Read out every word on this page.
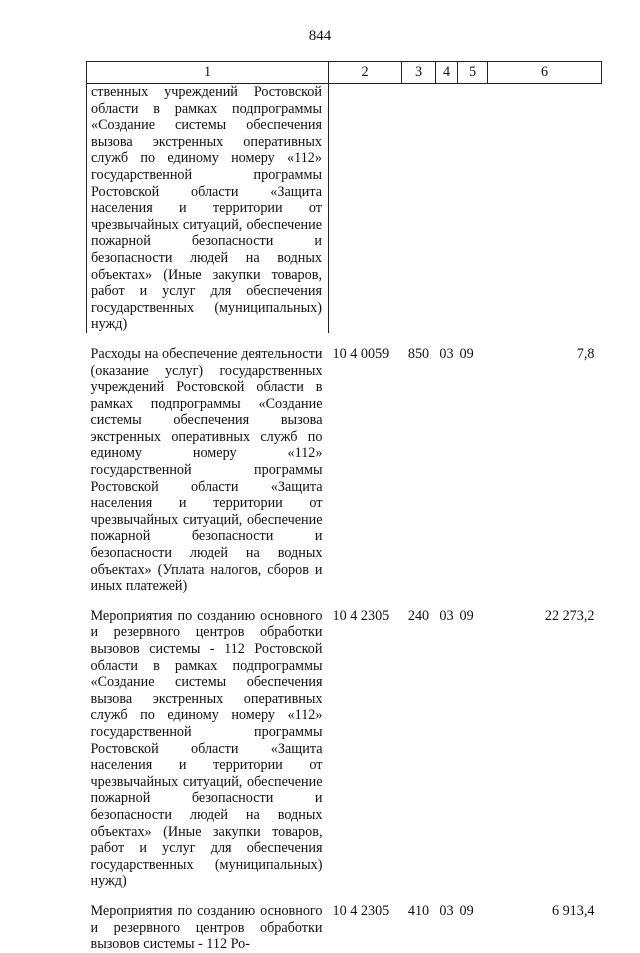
844
1	2	3	4	5	6

ственных учреждений Ростовской области в рамках подпрограммы «Создание системы обеспечения вызова экстренных оперативных служб по единому номеру «112» государственной программы Ростовской области «Защита населения и территории от чрезвычайных ситуаций, обеспечение пожарной безопасности и безопасности людей на водных объектах» (Иные закупки товаров, работ и услуг для обеспечения государственных (муниципальных) нужд)					

Расходы на обеспечение деятельности (оказание услуг) государственных учреждений Ростовской области в рамках подпрограммы «Создание системы обеспечения вызова экстренных оперативных служб по единому номеру «112» государственной программы Ростовской области «Защита населения и территории от чрезвычайных ситуаций, обеспечение пожарной безопасности и безопасности людей на водных объектах» (Уплата налогов, сборов и иных платежей)	10 4 0059	850	03	09	7,8

Мероприятия по созданию основного и резервного центров обработки вызовов системы - 112 Ростовской области в рамках подпрограммы «Создание системы обеспечения вызова экстренных оперативных служб по единому номеру «112» государственной программы Ростовской области «Защита населения и территории от чрезвычайных ситуаций, обеспечение пожарной безопасности и безопасности людей на водных объектах» (Иные закупки товаров, работ и услуг для обеспечения государственных (муниципальных) нужд)	10 4 2305	240	03	09	22 273,2

Мероприятия по созданию основного и резервного центров обработки вызовов системы - 112 Ро-	10 4 2305	410	03	09	6 913,4
